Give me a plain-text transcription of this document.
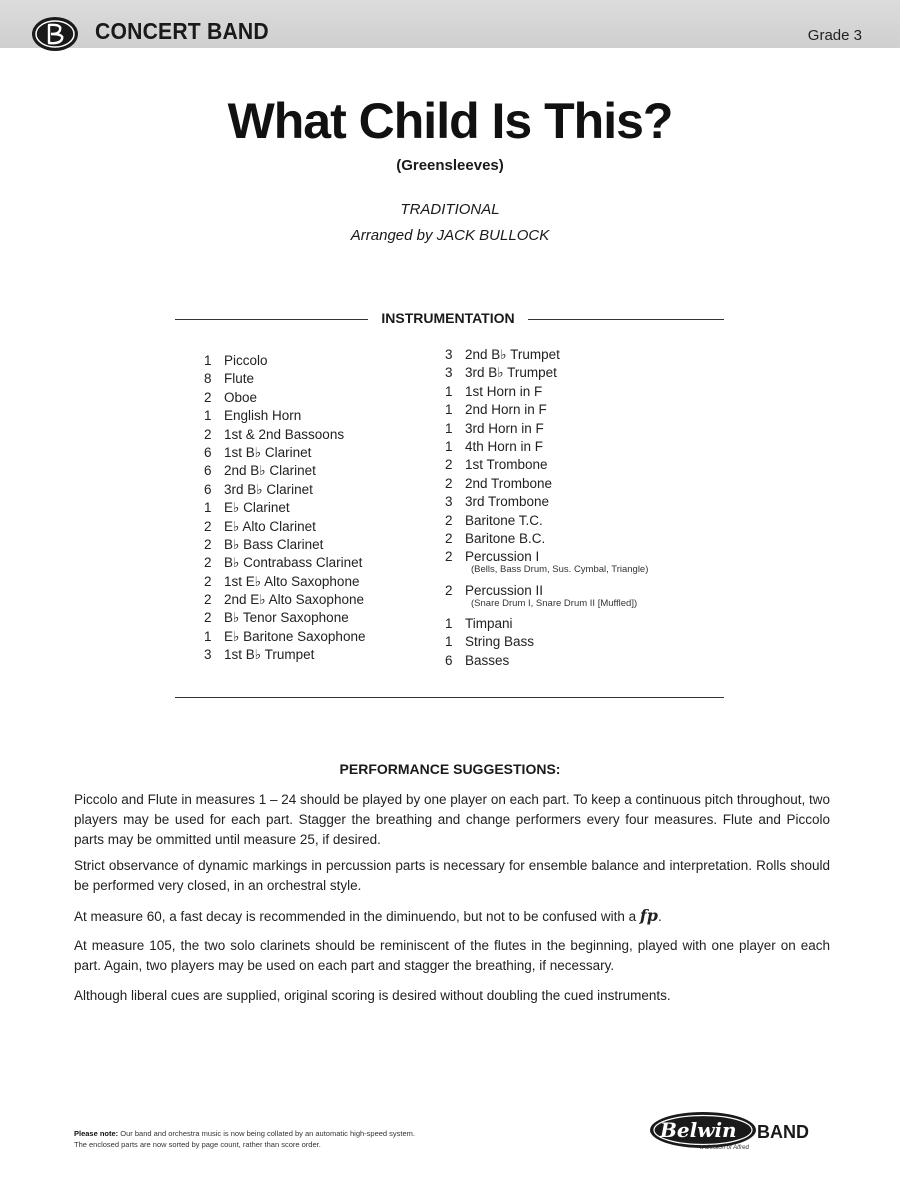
CONCERT BAND	Grade 3
What Child Is This?
(Greensleeves)
TRADITIONAL
Arranged by JACK BULLOCK
INSTRUMENTATION
1 Piccolo
8 Flute
2 Oboe
1 English Horn
2 1st & 2nd Bassoons
6 1st B♭ Clarinet
6 2nd B♭ Clarinet
6 3rd B♭ Clarinet
1 E♭ Clarinet
2 E♭ Alto Clarinet
2 B♭ Bass Clarinet
2 B♭ Contrabass Clarinet
2 1st E♭ Alto Saxophone
2 2nd E♭ Alto Saxophone
2 B♭ Tenor Saxophone
1 E♭ Baritone Saxophone
3 1st B♭ Trumpet
3 2nd B♭ Trumpet
3 3rd B♭ Trumpet
1 1st Horn in F
1 2nd Horn in F
1 3rd Horn in F
1 4th Horn in F
2 1st Trombone
2 2nd Trombone
3 3rd Trombone
2 Baritone T.C.
2 Baritone B.C.
2 Percussion I
(Bells, Bass Drum, Sus. Cymbal, Triangle)
2 Percussion II
(Snare Drum I, Snare Drum II [Muffled])
1 Timpani
1 String Bass
6 Basses
PERFORMANCE SUGGESTIONS:

Piccolo and Flute in measures 1 – 24 should be played by one player on each part. To keep a continuous pitch throughout, two players may be used for each part. Stagger the breathing and change performers every four measures. Flute and Piccolo parts may be ommitted until measure 25, if desired.

Strict observance of dynamic markings in percussion parts is necessary for ensemble balance and interpretation. Rolls should be performed very closed, in an orchestral style.

At measure 60, a fast decay is recommended in the diminuendo, but not to be confused with a fp.

At measure 105, the two solo clarinets should be reminiscent of the flutes in the beginning, played with one player on each part. Again, two players may be used on each part and stagger the breathing, if necessary.

Although liberal cues are supplied, original scoring is desired without doubling the cued instruments.

Please note: Our band and orchestra music is now being collated by an automatic high-speed system.
The enclosed parts are now sorted by page count, rather than score order.
Belwin BAND
a division of Alfred
